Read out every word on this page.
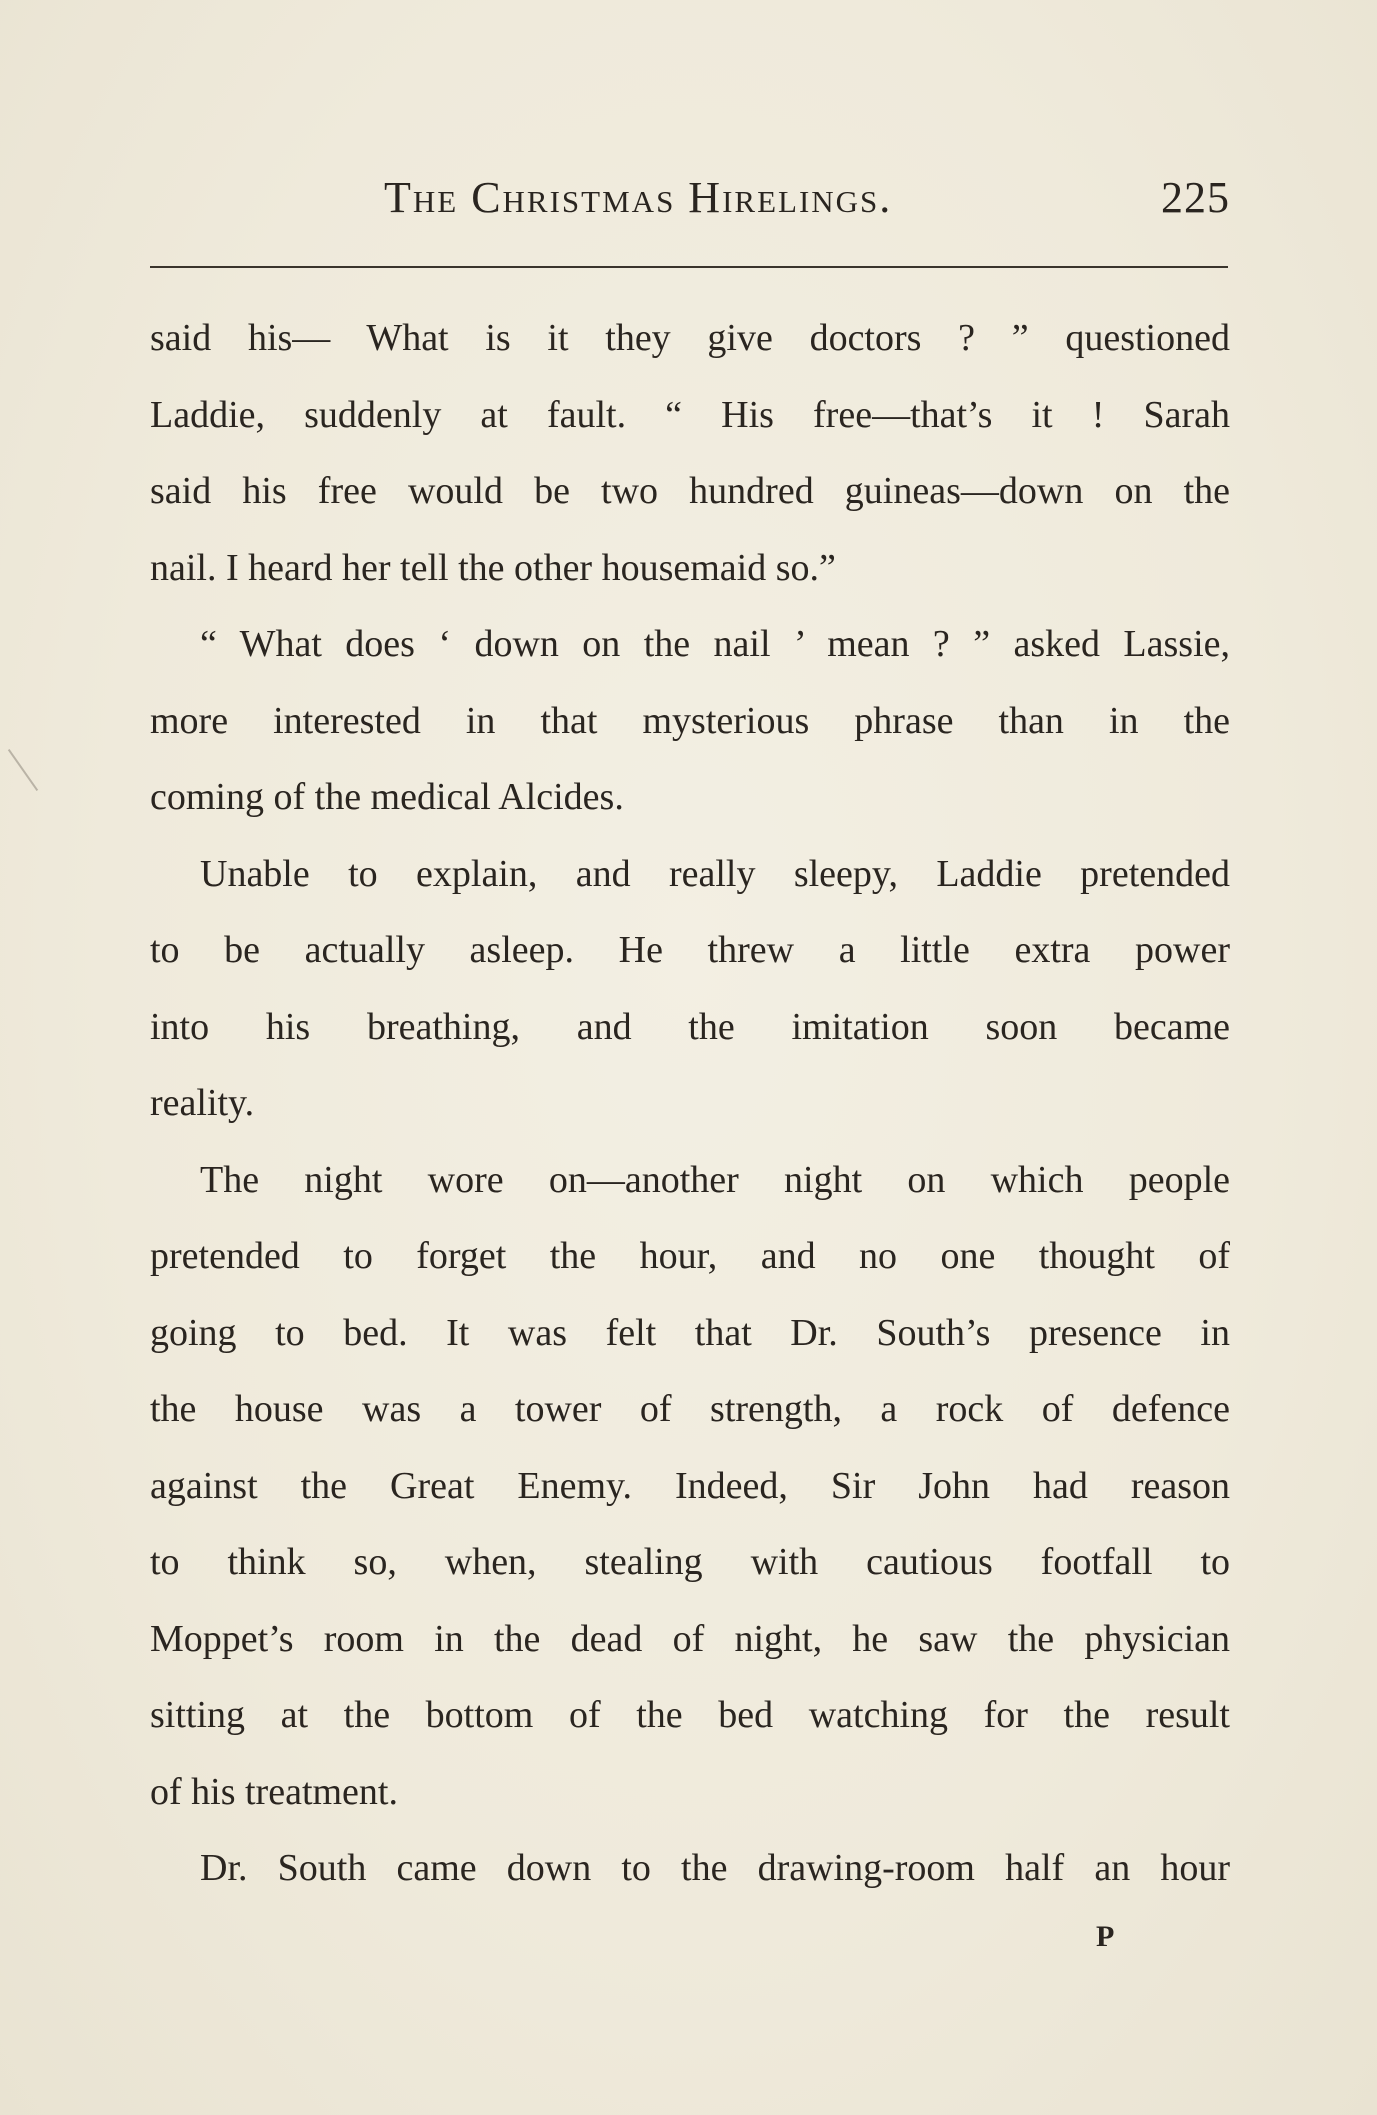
The Christmas Hirelings.	225
said his— What is it they give doctors ? ” questioned
Laddie, suddenly at fault. “ His free—that’s it ! Sarah
said his free would be two hundred guineas—down on the
nail. I heard her tell the other housemaid so.”
“ What does ‘ down on the nail ’ mean ? ” asked Lassie,
more interested in that mysterious phrase than in the
coming of the medical Alcides.
Unable to explain, and really sleepy, Laddie pretended
to be actually asleep. He threw a little extra power
into his breathing, and the imitation soon became
reality.
The night wore on—another night on which people
pretended to forget the hour, and no one thought of
going to bed. It was felt that Dr. South’s presence in
the house was a tower of strength, a rock of defence
against the Great Enemy. Indeed, Sir John had reason
to think so, when, stealing with cautious footfall to
Moppet’s room in the dead of night, he saw the physician
sitting at the bottom of the bed watching for the result
of his treatment.
Dr. South came down to the drawing-room half an hour
P
